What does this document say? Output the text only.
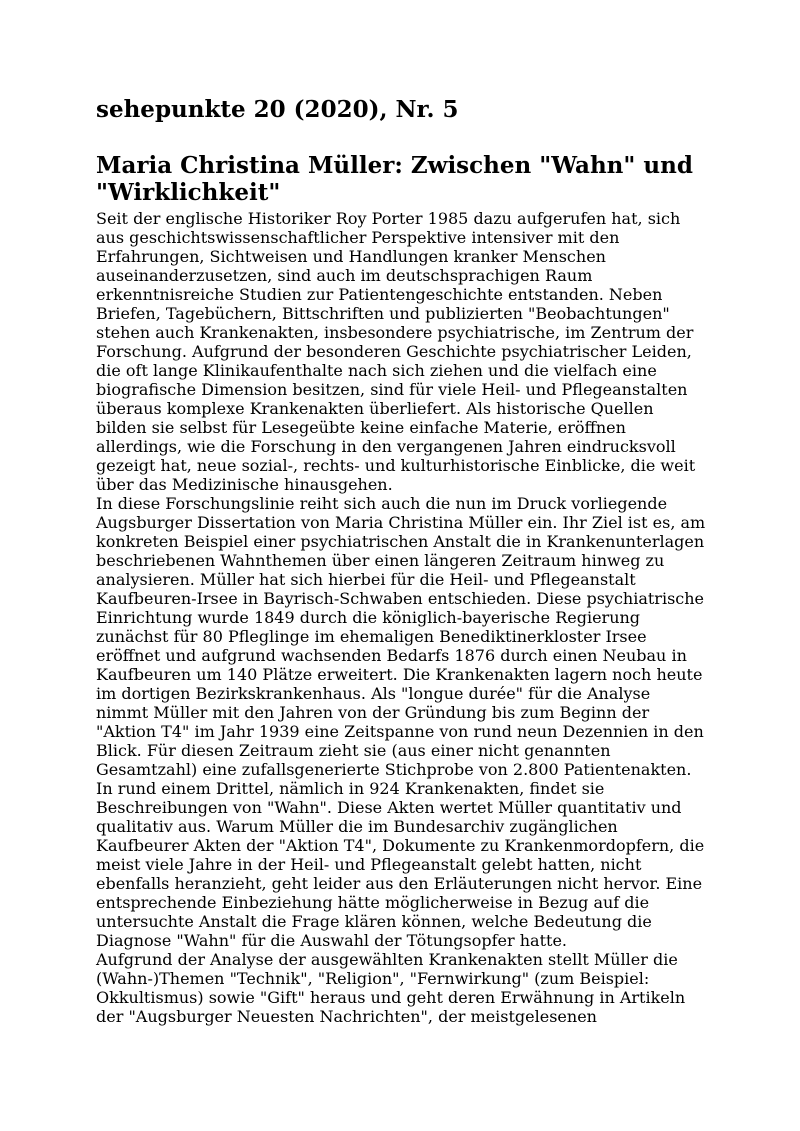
sehepunkte 20 (2020), Nr. 5
Maria Christina Müller: Zwischen "Wahn" und "Wirklichkeit"

Seit der englische Historiker Roy Porter 1985 dazu aufgerufen hat, sich aus geschichtswissenschaftlicher Perspektive intensiver mit den Erfahrungen, Sichtweisen und Handlungen kranker Menschen auseinanderzusetzen, sind auch im deutschsprachigen Raum erkenntnisreiche Studien zur Patientengeschichte entstanden. Neben Briefen, Tagebüchern, Bittschriften und publizierten "Beobachtungen" stehen auch Krankenakten, insbesondere psychiatrische, im Zentrum der Forschung. Aufgrund der besonderen Geschichte psychiatrischer Leiden, die oft lange Klinikaufenthalte nach sich ziehen und die vielfach eine biografische Dimension besitzen, sind für viele Heil- und Pflegeanstalten überaus komplexe Krankenakten überliefert. Als historische Quellen bilden sie selbst für Lesegeübte keine einfache Materie, eröffnen allerdings, wie die Forschung in den vergangenen Jahren eindrucksvoll gezeigt hat, neue sozial-, rechts- und kulturhistorische Einblicke, die weit über das Medizinische hinausgehen.

In diese Forschungslinie reiht sich auch die nun im Druck vorliegende Augsburger Dissertation von Maria Christina Müller ein. Ihr Ziel ist es, am konkreten Beispiel einer psychiatrischen Anstalt die in Krankenunterlagen beschriebenen Wahnthemen über einen längeren Zeitraum hinweg zu analysieren. Müller hat sich hierbei für die Heil- und Pflegeanstalt Kaufbeuren-Irsee in Bayrisch-Schwaben entschieden. Diese psychiatrische Einrichtung wurde 1849 durch die königlich-bayerische Regierung zunächst für 80 Pfleglinge im ehemaligen Benediktinerkloster Irsee eröffnet und aufgrund wachsenden Bedarfs 1876 durch einen Neubau in Kaufbeuren um 140 Plätze erweitert. Die Krankenakten lagern noch heute im dortigen Bezirkskrankenhaus. Als "longue durée" für die Analyse nimmt Müller mit den Jahren von der Gründung bis zum Beginn der "Aktion T4" im Jahr 1939 eine Zeitspanne von rund neun Dezennien in den Blick. Für diesen Zeitraum zieht sie (aus einer nicht genannten Gesamtzahl) eine zufallsgenerierte Stichprobe von 2.800 Patientenakten. In rund einem Drittel, nämlich in 924 Krankenakten, findet sie Beschreibungen von "Wahn". Diese Akten wertet Müller quantitativ und qualitativ aus. Warum Müller die im Bundesarchiv zugänglichen Kaufbeurer Akten der "Aktion T4", Dokumente zu Krankenmordopfern, die meist viele Jahre in der Heil- und Pflegeanstalt gelebt hatten, nicht ebenfalls heranzieht, geht leider aus den Erläuterungen nicht hervor. Eine entsprechende Einbeziehung hätte möglicherweise in Bezug auf die untersuchte Anstalt die Frage klären können, welche Bedeutung die Diagnose "Wahn" für die Auswahl der Tötungsopfer hatte.

Aufgrund der Analyse der ausgewählten Krankenakten stellt Müller die (Wahn-)Themen "Technik", "Religion", "Fernwirkung" (zum Beispiel: Okkultismus) sowie "Gift" heraus und geht deren Erwähnung in Artikeln der "Augsburger Neuesten Nachrichten", der meistgelesenen
